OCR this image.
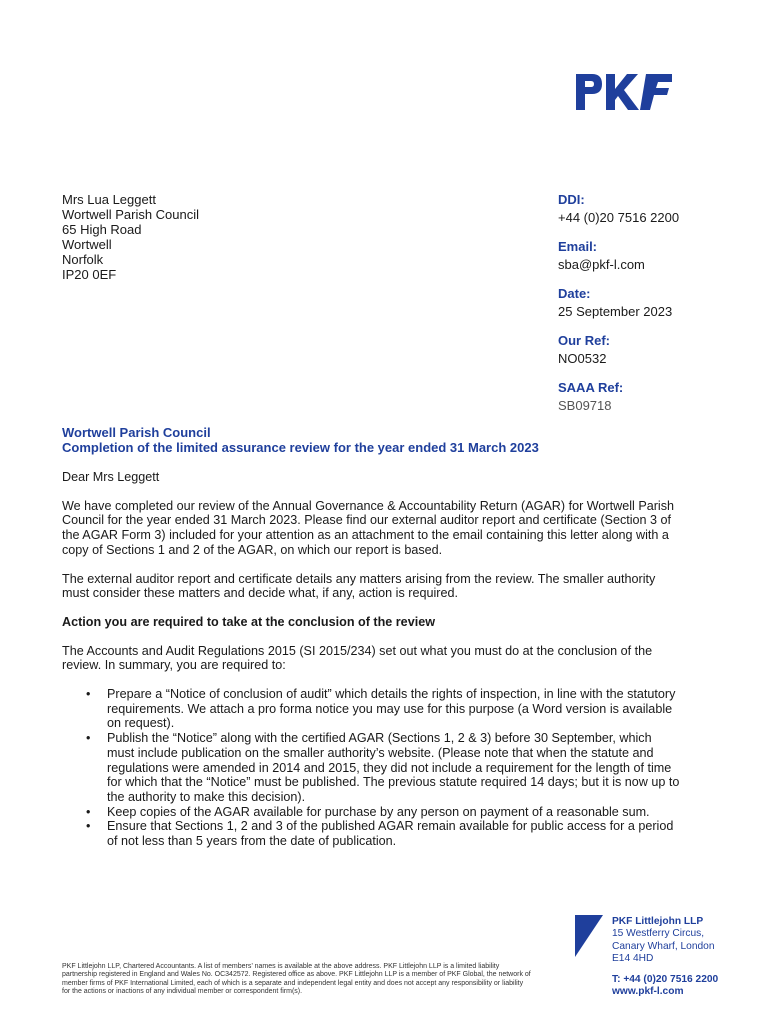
Mrs Lua Leggett
Wortwell Parish Council
65 High Road
Wortwell
Norfolk
IP20 0EF
DDI:
+44 (0)20 7516 2200
Email:
sba@pkf-l.com
Date:
25 September 2023
Our Ref:
NO0532
SAAA Ref:
SB09718
Wortwell Parish Council
Completion of the limited assurance review for the year ended 31 March 2023

Dear Mrs Leggett

We have completed our review of the Annual Governance & Accountability Return (AGAR) for Wortwell Parish Council for the year ended 31 March 2023. Please find our external auditor report and certificate (Section 3 of the AGAR Form 3) included for your attention as an attachment to the email containing this letter along with a copy of Sections 1 and 2 of the AGAR, on which our report is based.

The external auditor report and certificate details any matters arising from the review. The smaller authority must consider these matters and decide what, if any, action is required.

Action you are required to take at the conclusion of the review

The Accounts and Audit Regulations 2015 (SI 2015/234) set out what you must do at the conclusion of the review. In summary, you are required to:

• Prepare a “Notice of conclusion of audit” which details the rights of inspection, in line with the statutory requirements. We attach a pro forma notice you may use for this purpose (a Word version is available on request).
• Publish the “Notice” along with the certified AGAR (Sections 1, 2 & 3) before 30 September, which must include publication on the smaller authority’s website. (Please note that when the statute and regulations were amended in 2014 and 2015, they did not include a requirement for the length of time for which that the “Notice” must be published. The previous statute required 14 days; but it is now up to the authority to make this decision).
• Keep copies of the AGAR available for purchase by any person on payment of a reasonable sum.
• Ensure that Sections 1, 2 and 3 of the published AGAR remain available for public access for a period of not less than 5 years from the date of publication.
PKF Littlejohn LLP, Chartered Accountants. A list of members’ names is available at the above address. PKF Littlejohn LLP is a limited liability partnership registered in England and Wales No. OC342572. Registered office as above. PKF Littlejohn LLP is a member of PKF Global, the network of member firms of PKF International Limited, each of which is a separate and independent legal entity and does not accept any responsibility or liability for the actions or inactions of any individual member or correspondent firm(s).
PKF Littlejohn LLP
15 Westferry Circus,
Canary Wharf, London
E14 4HD
T: +44 (0)20 7516 2200
www.pkf-l.com
